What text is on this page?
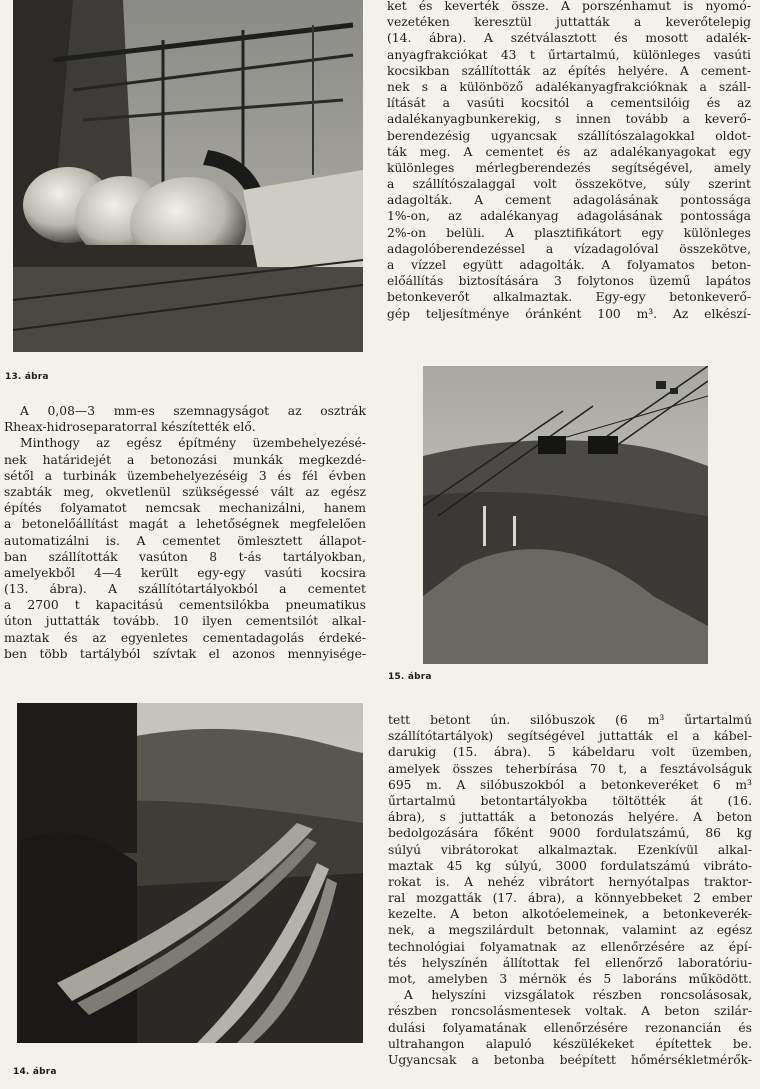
13. ábra
ket és keverték össze. A porszénhamut is nyomó-
vezetéken keresztül juttatták a keverőtelepig
(14. ábra). A szétválasztott és mosott adalék-
anyagfrakciókat 43 t űrtartalmú, különleges vasúti
kocsikban szállították az építés helyére. A cement-
nek s a különböző adalékanyagfrakcióknak a száll-
lítását a vasúti kocsitól a cementsilóig és az
adalékanyagbunkerekig, s innen tovább a keverő-
berendezésig ugyancsak szállítószalagokkal oldot-
ták meg. A cementet és az adalékanyagokat egy
különleges mérlegberendezés segítségével, amely
a szállítószalaggal volt összekötve, súly szerint
adagolták. A cement adagolásának pontossága
1%-on, az adalékanyag adagolásának pontossága
2%-on belüli. A plasztifikátort egy különleges
adagolóberendezéssel a vízadagolóval összekötve,
a vízzel együtt adagolták. A folyamatos beton-
előállítás biztosítására 3 folytonos üzemű lapátos
betonkeverőt alkalmaztak. Egy-egy betonkeverő-
gép teljesítménye óránként 100 m³. Az elkészí-
15. ábra
A 0,08—3 mm-es szemnagyságot az osztrák
Rheax-hidroseparatorral készítették elő.
Minthogy az egész építmény üzembehelyezésé-
nek határidejét a betonozási munkák megkezdé-
sétől a turbinák üzembehelyezéséig 3 és fél évben
szabták meg, okvetlenül szükségessé vált az egész
építés folyamatot nemcsak mechanizálni, hanem
a betonelőállítást magát a lehetőségnek megfelelően
automatizálni is. A cementet ömlesztett állapot-
ban szállították vasúton 8 t-ás tartályokban,
amelyekből 4—4 került egy-egy vasúti kocsira
(13. ábra). A szállítótartályokból a cementet
a 2700 t kapacitású cementsilókba pneumatikus
úton juttatták tovább. 10 ilyen cementsilót alkal-
maztak és az egyenletes cementadagolás érdeké-
ben több tartályból szívtak el azonos mennyisége-
14. ábra
tett betont ún. silóbuszok (6 m³ űrtartalmú
szállítótartályok) segítségével juttatták el a kábel-
darukig (15. ábra). 5 kábeldaru volt üzemben,
amelyek összes teherbírása 70 t, a fesztávolságuk
695 m. A silóbuszokból a betonkeveréket 6 m³
űrtartalmú betontartályokba töltötték át (16.
ábra), s juttatták a betonozás helyére. A beton
bedolgozására főként 9000 fordulatszámú, 86 kg
súlyú vibrátorokat alkalmaztak. Ezenkívül alkal-
maztak 45 kg súlyú, 3000 fordulatszámú vibráto-
rokat is. A nehéz vibrátort hernyótalpas traktor-
ral mozgatták (17. ábra), a könnyebbeket 2 ember
kezelte. A beton alkotóelemeinek, a betonkeverék-
nek, a megszilárdult betonnak, valamint az egész
technológiai folyamatnak az ellenőrzésére az épí-
tés helyszínén állítottak fel ellenőrző laboratóriu-
mot, amelyben 3 mérnök és 5 laboráns működött.
A helyszíni vizsgálatok részben roncsolásosak,
részben roncsolásmentesek voltak. A beton szilár-
dulási folyamatának ellenőrzésére rezonancián és
ultrahangon alapuló készülékeket építettek be.
Ugyancsak a betonba beépített hőmérsékletmérők-
